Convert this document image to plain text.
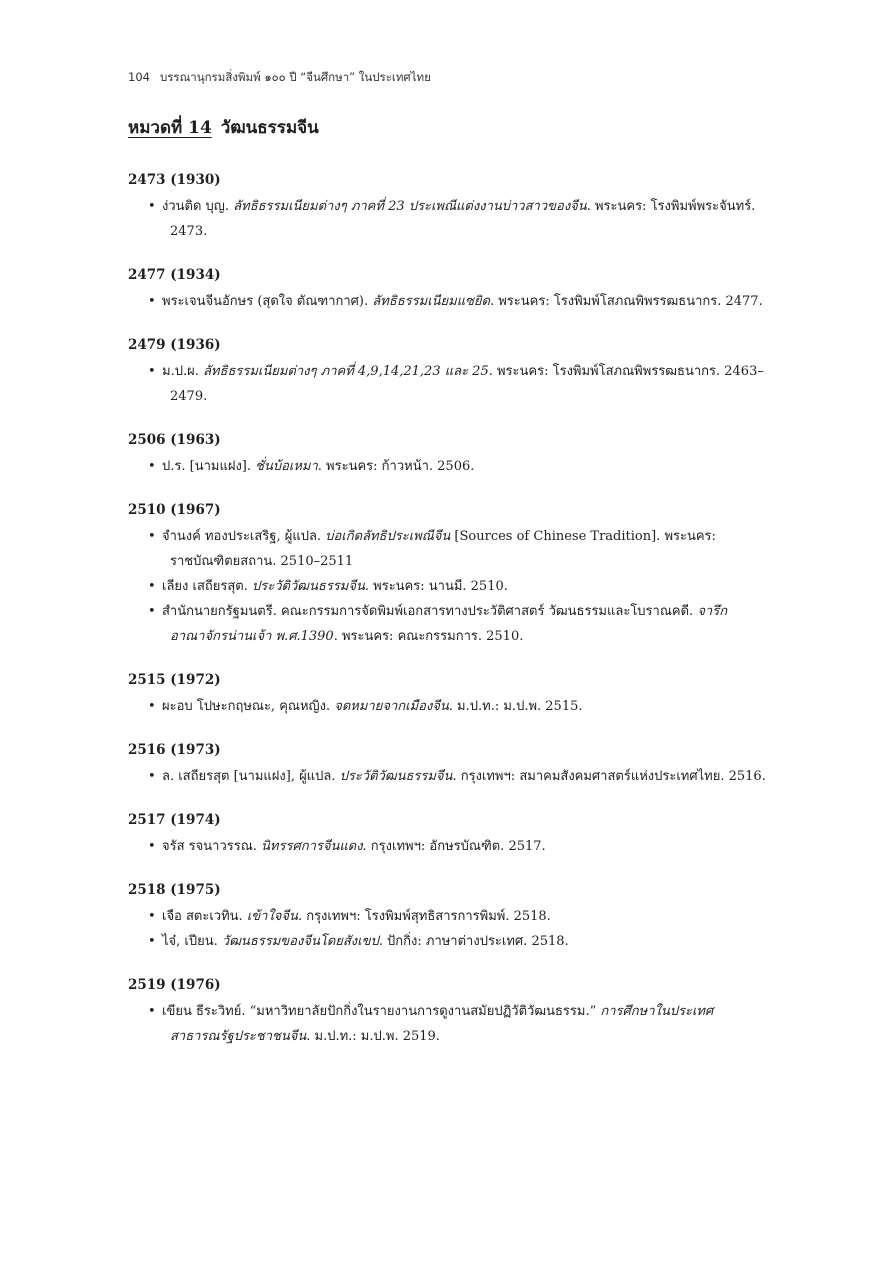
104 บรรณานุกรมสิ่งพิมพ์ ๑๐๐ ปี “จีนศึกษา” ในประเทศไทย
หมวดที่ 14 วัฒนธรรมจีน
2473 (1930)
• ง่วนติด บุญ. ลัทธิธรรมเนียมต่างๆ ภาคที่ 23 ประเพณีแต่งงานบ่าวสาวของจีน. พระนคร: โรงพิมพ์พระจันทร์. 2473.
2477 (1934)
• พระเจนจีนอักษร (สุดใจ ตัณฑากาศ). ลัทธิธรรมเนียมแซยิด. พระนคร: โรงพิมพ์โสภณพิพรรฒธนากร. 2477.
2479 (1936)
• ม.ป.ผ. ลัทธิธรรมเนียมต่างๆ ภาคที่ 4,9,14,21,23 และ 25. พระนคร: โรงพิมพ์โสภณพิพรรฒธนากร. 2463–2479.
2506 (1963)
• ป.ร. [นามแฝง]. ชั่นบ้อเหมา. พระนคร: ก้าวหน้า. 2506.
2510 (1967)
• จำนงค์ ทองประเสริฐ, ผู้แปล. บ่อเกิดลัทธิประเพณีจีน [Sources of Chinese Tradition]. พระนคร: ราชบัณฑิตยสถาน. 2510–2511
• เลียง เสถียรสุต. ประวัติวัฒนธรรมจีน. พระนคร: นานมี. 2510.
• สำนักนายกรัฐมนตรี. คณะกรรมการจัดพิมพ์เอกสารทางประวัติศาสตร์ วัฒนธรรมและโบราณคดี. จารึกอาณาจักรน่านเจ้า พ.ศ.1390. พระนคร: คณะกรรมการ. 2510.
2515 (1972)
• ผะอบ โปษะกฤษณะ, คุณหญิง. จดหมายจากเมืองจีน. ม.ป.ท.: ม.ป.พ. 2515.
2516 (1973)
• ล. เสถียรสุต [นามแฝง], ผู้แปล. ประวัติวัฒนธรรมจีน. กรุงเทพฯ: สมาคมสังคมศาสตร์แห่งประเทศไทย. 2516.
2517 (1974)
• จรัส รจนาวรรณ. นิทรรศการจีนแดง. กรุงเทพฯ: อักษรบัณฑิต. 2517.
2518 (1975)
• เจือ สตะเวทิน. เข้าใจจีน. กรุงเทพฯ: โรงพิมพ์สุทธิสารการพิมพ์. 2518.
• ไจ๋, เปียน. วัฒนธรรมของจีนโดยสังเขป. ปักกิ่ง: ภาษาต่างประเทศ. 2518.
2519 (1976)
• เขียน ธีระวิทย์. “มหาวิทยาลัยปักกิ่งในรายงานการดูงานสมัยปฏิวัติวัฒนธรรม.” การศึกษาในประเทศสาธารณรัฐประชาชนจีน. ม.ป.ท.: ม.ป.พ. 2519.
